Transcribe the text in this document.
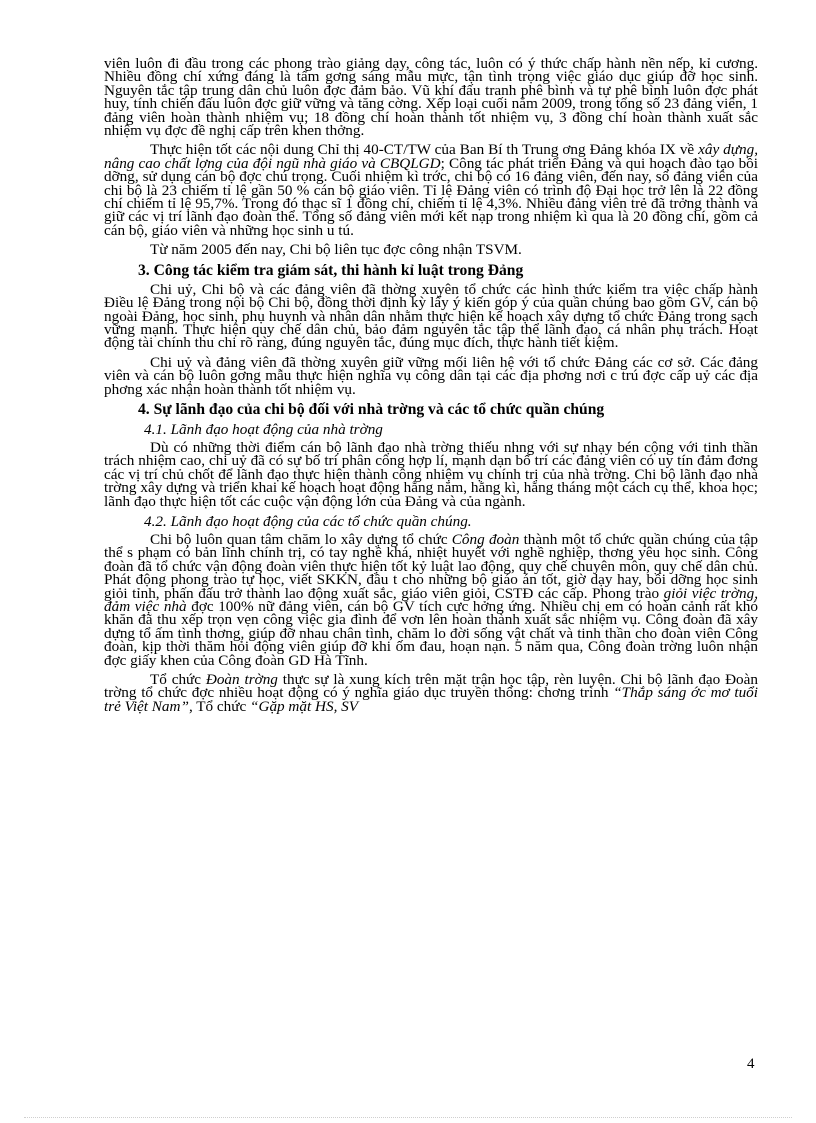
viên luôn đi đầu trong các phong trào giảng dạy, công tác, luôn có ý thức chấp hành nền nếp, kỉ cương. Nhiều đồng chí xứng đáng là tấm gơng sáng mẫu mực, tận tình trọng việc giáo dục giúp đỡ học sinh. Nguyên tắc tập trung dân chủ luôn đợc đảm bảo. Vũ khí đấu tranh phê bình và tự phê bình luôn đợc phát huy, tính chiến đấu luôn đợc giữ vững và tăng cờng. Xếp loại cuối năm 2009, trong tổng số 23 đảng viên, 1 đảng viên hoàn thành nhiệm vụ; 18 đồng chí hoàn thành tốt nhiệm vụ, 3 đồng chí hoàn thành xuất sắc nhiệm vụ đợc đề nghị cấp trên khen thởng.

Thực hiện tốt các nội dung Chỉ thị 40-CT/TW của Ban Bí th Trung ơng Đảng khóa IX về xây dựng, nâng cao chất lợng của đội ngũ nhà giáo và CBQLGD; Công tác phát triển Đảng và qui hoạch đào tạo bồi dỡng, sử dụng cán bộ đợc chú trọng. Cuối nhiệm kì trớc, chi bộ có 16 đảng viên, đến nay, số đảng viên của chi bộ là 23 chiếm tỉ lệ gần 50 % cán bộ giáo viên. Tỉ lệ Đảng viên có trình độ Đại học trở lên là 22 đồng chí chiếm tỉ lệ 95,7%. Trong đó thạc sĩ 1 đồng chí, chiếm tỉ lệ 4,3%. Nhiều đảng viên trẻ đã trởng thành và giữ các vị trí lãnh đạo đoàn thể. Tổng số đảng viên mới kết nạp trong nhiệm kì qua là 20 đồng chí, gồm cả cán bộ, giáo viên và những học sinh u tú.

Từ năm 2005 đến nay, Chi bộ liên tục đợc công nhận TSVM.

3. Công tác kiểm tra giám sát, thi hành kỉ luật trong Đảng

Chi uỷ, Chi bộ và các đảng viên đã thờng xuyên tổ chức các hình thức kiểm tra việc chấp hành Điều lệ Đảng trong nội bộ Chi bộ, đồng thời định kỳ lấy ý kiến góp ý của quần chúng bao gồm GV, cán bộ ngoài Đảng, học sinh, phụ huynh và nhân dân nhằm thực hiện kế hoạch xây dựng tổ chức Đảng trong sạch vững mạnh. Thực hiện quy chế dân chủ, bảo đảm nguyên tắc tập thể lãnh đạo, cá nhân phụ trách. Hoạt động tài chính thu chi rõ ràng, đúng nguyên tắc, đúng mục đích, thực hành tiết kiệm.

Chi uỷ và đảng viên đã thờng xuyên giữ vững mối liên hệ với tổ chức Đảng các cơ sở. Các đảng viên và cán bộ luôn gơng mẫu thực hiện nghĩa vụ công dân tại các địa phơng nơi c trú đợc cấp uỷ các địa phơng xác nhận hoàn thành tốt nhiệm vụ.

4. Sự lãnh đạo của chi bộ đối với nhà trờng và các tổ chức quần chúng
4.1. Lãnh đạo hoạt động của nhà trờng

Dù có những thời điểm cán bộ lãnh đạo nhà trờng thiếu nhng với sự nhạy bén cộng với tinh thần trách nhiệm cao, chi uỷ đã có sự bố trí phân công hợp lí, mạnh dạn bố trí các đảng viên có uy tín đảm đơng các vị trí chủ chốt để lãnh đạo thực hiện thành công nhiệm vụ chính trị của nhà trờng. Chi bộ lãnh đạo nhà trờng xây dựng và triển khai kế hoạch hoạt động hằng năm, hằng kì, hằng tháng một cách cụ thể, khoa học; lãnh đạo thực hiện tốt các cuộc vận động lớn của Đảng và của ngành.

4.2. Lãnh đạo hoạt động của các tổ chức quần chúng.

Chi bộ luôn quan tâm chăm lo xây dựng tổ chức Công đoàn thành một tổ chức quần chúng của tập thể s phạm có bản lĩnh chính trị, có tay nghề khá, nhiệt huyết với nghề nghiệp, thơng yêu học sinh. Công đoàn đã tổ chức vận động đoàn viên thực hiện tốt kỷ luật lao động, quy chế chuyên môn, quy chế dân chủ. Phát động phong trào tự học, viết SKKN, đầu t cho những bộ giáo án tốt, giờ dạy hay, bồi dỡng học sinh giỏi tỉnh, phấn đấu trở thành lao động xuất sắc, giáo viên giỏi, CSTĐ các cấp. Phong trào giỏi việc trờng, đảm việc nhà đợc 100% nữ đảng viên, cán bộ GV tích cực hởng ứng. Nhiều chị em có hoàn cảnh rất khó khăn đã thu xếp trọn vẹn công việc gia đình để vơn lên hoàn thành xuất sắc nhiệm vụ. Công đoàn đã xây dựng tổ ấm tình thơng, giúp đỡ nhau chân tình, chăm lo đời sống vật chất và tinh thần cho đoàn viên Công đoàn, kịp thời thăm hỏi động viên giúp đỡ khi ốm đau, hoạn nạn. 5 năm qua, Công đoàn trờng luôn nhận đợc giấy khen của Công đoàn GD Hà Tĩnh.

Tổ chức Đoàn trờng thực sự là xung kích trên mặt trận học tập, rèn luyện. Chi bộ lãnh đạo Đoàn trờng tổ chức đợc nhiều hoạt động có ý nghĩa giáo dục truyền thống: chơng trình “Thắp sáng ớc mơ tuổi trẻ Việt Nam”, Tổ chức “Gặp mặt HS, SV

4
